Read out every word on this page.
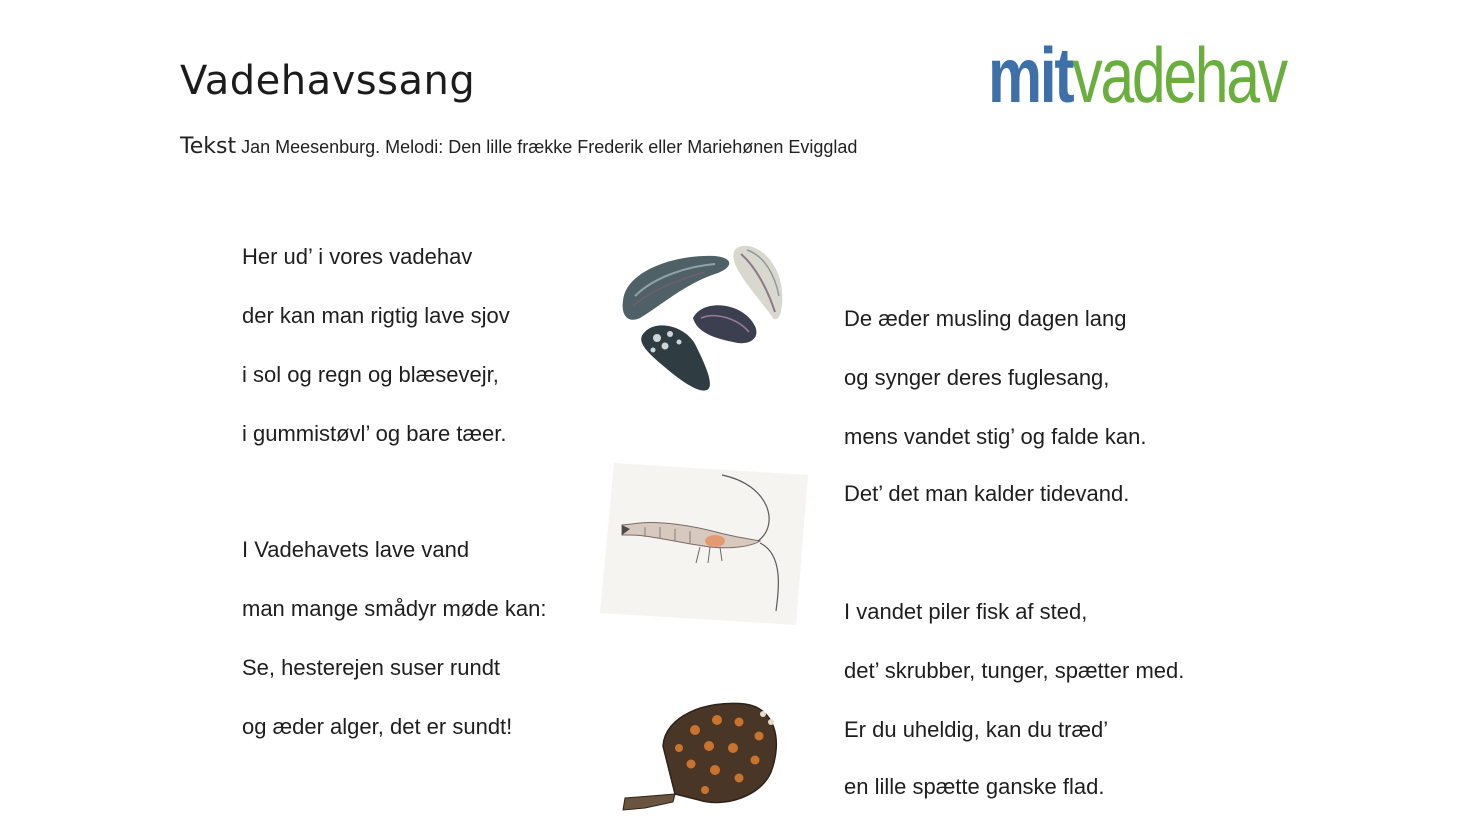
Vadehavssang	mitvadehav
Tekst Jan Meesenburg. Melodi: Den lille frække Frederik eller Mariehønen Evigglad
Her ud’ i vores vadehav
der kan man rigtig lave sjov
i sol og regn og blæsevejr,
i gummistøvl’ og bare tæer.
I Vadehavets lave vand
man mange smådyr møde kan:
Se, hesterejen suser rundt
og æder alger, det er sundt!
De æder musling dagen lang
og synger deres fuglesang,
mens vandet stig’ og falde kan.
Det’ det man kalder tidevand.
I vandet piler fisk af sted,
det’ skrubber, tunger, spætter med.
Er du uheldig, kan du træd’
en lille spætte ganske flad.
